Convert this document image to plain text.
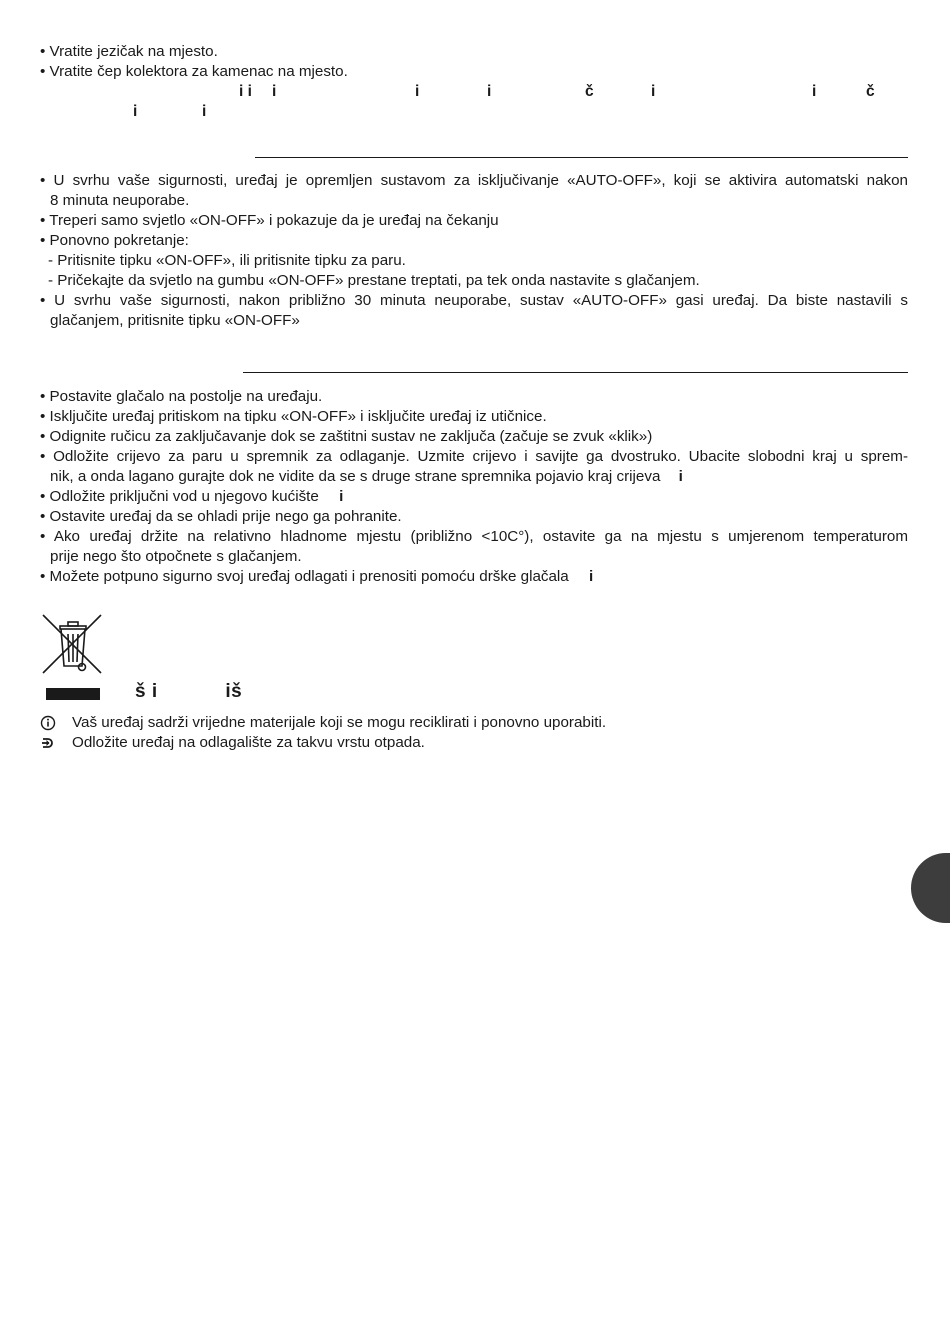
• Vratite jezičak na mjesto.
• Vratite čep kolektora za kamenac na mjesto.
i i i	i	i	č	i	i	č
i	i
• U svrhu vaše sigurnosti, uređaj je opremljen sustavom za isključivanje «AUTO-OFF», koji se aktivira automatski nakon
8 minuta neuporabe.
• Treperi samo svjetlo «ON-OFF» i pokazuje da je uređaj na čekanju
• Ponovno pokretanje:
- Pritisnite tipku «ON-OFF», ili pritisnite tipku za paru.
- Pričekajte da svjetlo na gumbu «ON-OFF» prestane treptati, pa tek onda nastavite s glačanjem.
• U svrhu vaše sigurnosti, nakon približno 30 minuta neuporabe, sustav «AUTO-OFF» gasi uređaj. Da biste nastavili s
glačanjem, pritisnite tipku «ON-OFF»
• Postavite glačalo na postolje na uređaju.
• Isključite uređaj pritiskom na tipku «ON-OFF» i isključite uređaj iz utičnice.
• Odignite ručicu za zaključavanje dok se zaštitni sustav ne zaključa (začuje se zvuk «klik»)
• Odložite crijevo za paru u spremnik za odlaganje. Uzmite crijevo i savijte ga dvostruko. Ubacite slobodni kraj u sprem-
nik, a onda lagano gurajte dok ne vidite da se s druge strane spremnika pojavio kraj crijeva i
• Odložite priključni vod u njegovo kućište i
• Ostavite uređaj da se ohladi prije nego ga pohranite.
• Ako uređaj držite na relativno hladnome mjestu (približno <10C°), ostavite ga na mjestu s umjerenom temperaturom
prije nego što otpočnete s glačanjem.
• Možete potpuno sigurno svoj uređaj odlagati i prenositi pomoću drške glačala i
š i	iš
Vaš uređaj sadrži vrijedne materijale koji se mogu reciklirati i ponovno uporabiti.
Odložite uređaj na odlagalište za takvu vrstu otpada.
